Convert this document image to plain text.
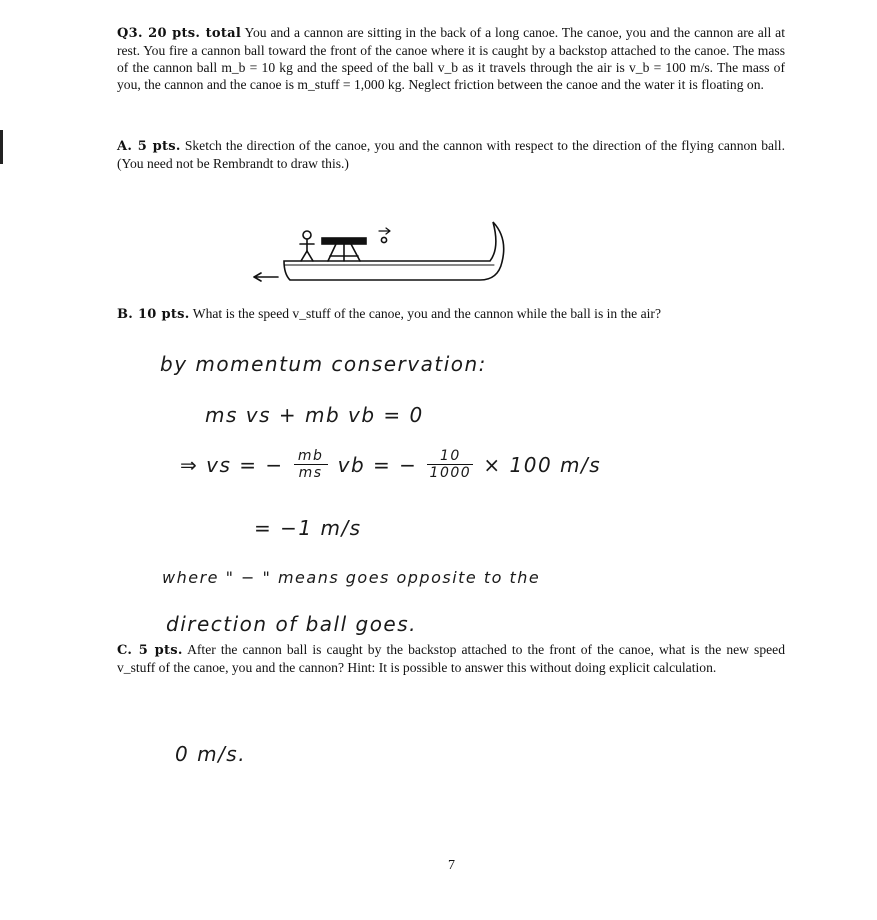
Q3. 20 pts. total You and a cannon are sitting in the back of a long canoe. The canoe, you and the cannon are all at rest. You fire a cannon ball toward the front of the canoe where it is caught by a backstop attached to the canoe. The mass of the cannon ball m_b = 10 kg and the speed of the ball v_b as it travels through the air is v_b = 100 m/s. The mass of you, the cannon and the canoe is m_stuff = 1,000 kg. Neglect friction between the canoe and the water it is floating on.
A. 5 pts. Sketch the direction of the canoe, you and the cannon with respect to the direction of the flying cannon ball. (You need not be Rembrandt to draw this.)
B. 10 pts. What is the speed v_stuff of the canoe, you and the cannon while the ball is in the air?
by momentum conservation:
ms vs + mb vb = 0
⇒ vs = − mb
ms vb = − 10
1000 × 100 m/s
= −1 m/s
where " − " means goes opposite to the
direction of ball goes.
C. 5 pts. After the cannon ball is caught by the backstop attached to the front of the canoe, what is the new speed v_stuff of the canoe, you and the cannon? Hint: It is possible to answer this without doing explicit calculation.
0 m/s.
7
